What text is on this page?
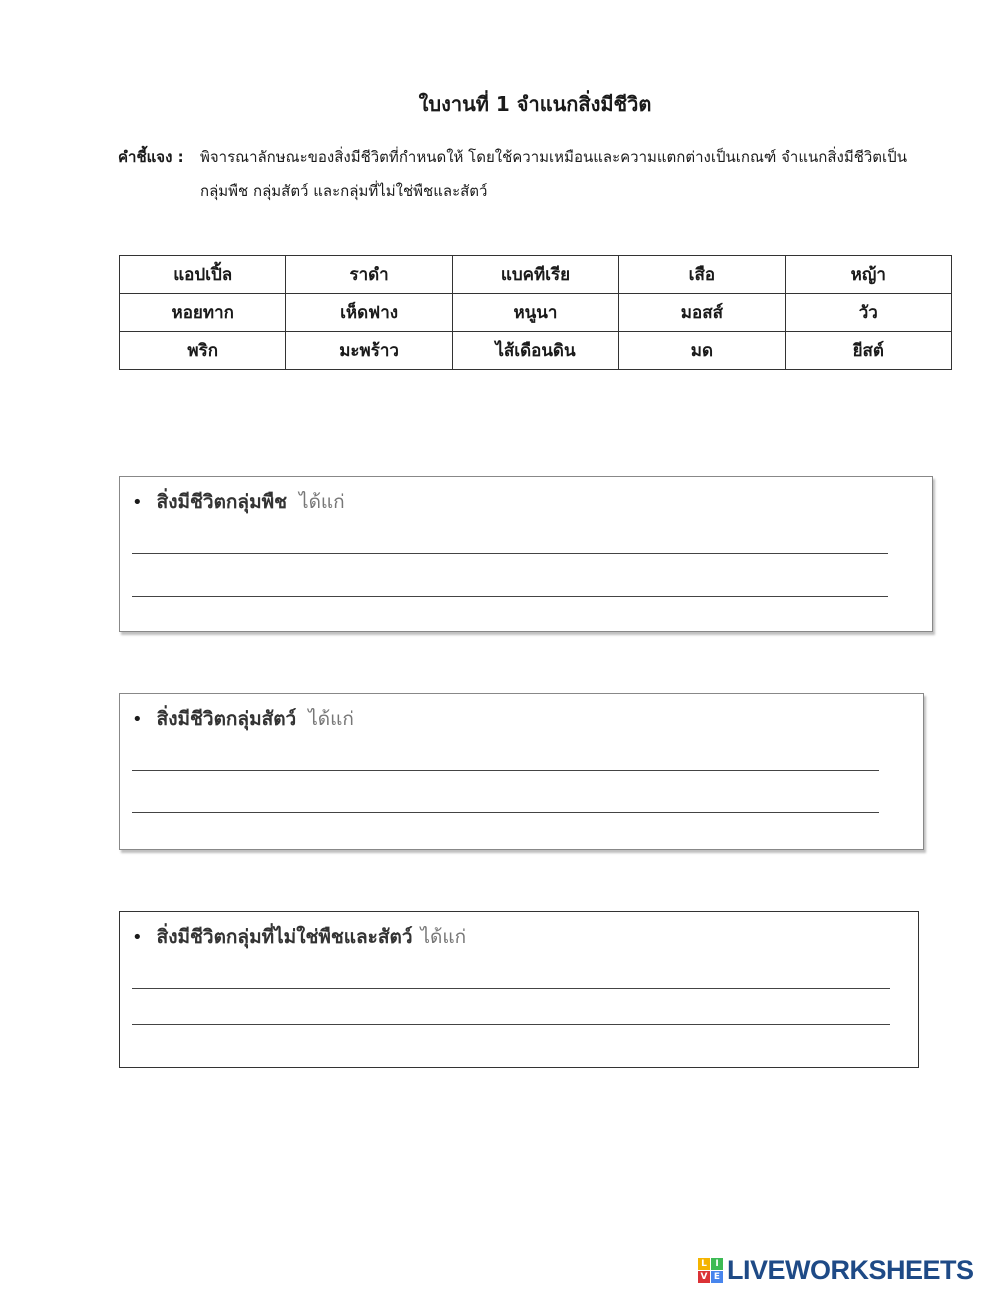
ใบงานที่ 1 จำแนกสิ่งมีชีวิต
คำชี้แจง : พิจารณาลักษณะของสิ่งมีชีวิตที่กำหนดให้ โดยใช้ความเหมือนและความแตกต่างเป็นเกณฑ์ จำแนกสิ่งมีชีวิตเป็น
กลุ่มพืช กลุ่มสัตว์ และกลุ่มที่ไม่ใช่พืชและสัตว์
แอปเปิ้ล	ราดำ	แบคทีเรีย	เสือ	หญ้า
หอยทาก	เห็ดฟาง	หนูนา	มอสส์	วัว
พริก	มะพร้าว	ไส้เดือนดิน	มด	ยีสต์
• สิ่งมีชีวิตกลุ่มพืช ได้แก่
• สิ่งมีชีวิตกลุ่มสัตว์ ได้แก่
• สิ่งมีชีวิตกลุ่มที่ไม่ใช่พืชและสัตว์ ได้แก่
L I
V E LIVEWORKSHEETS
